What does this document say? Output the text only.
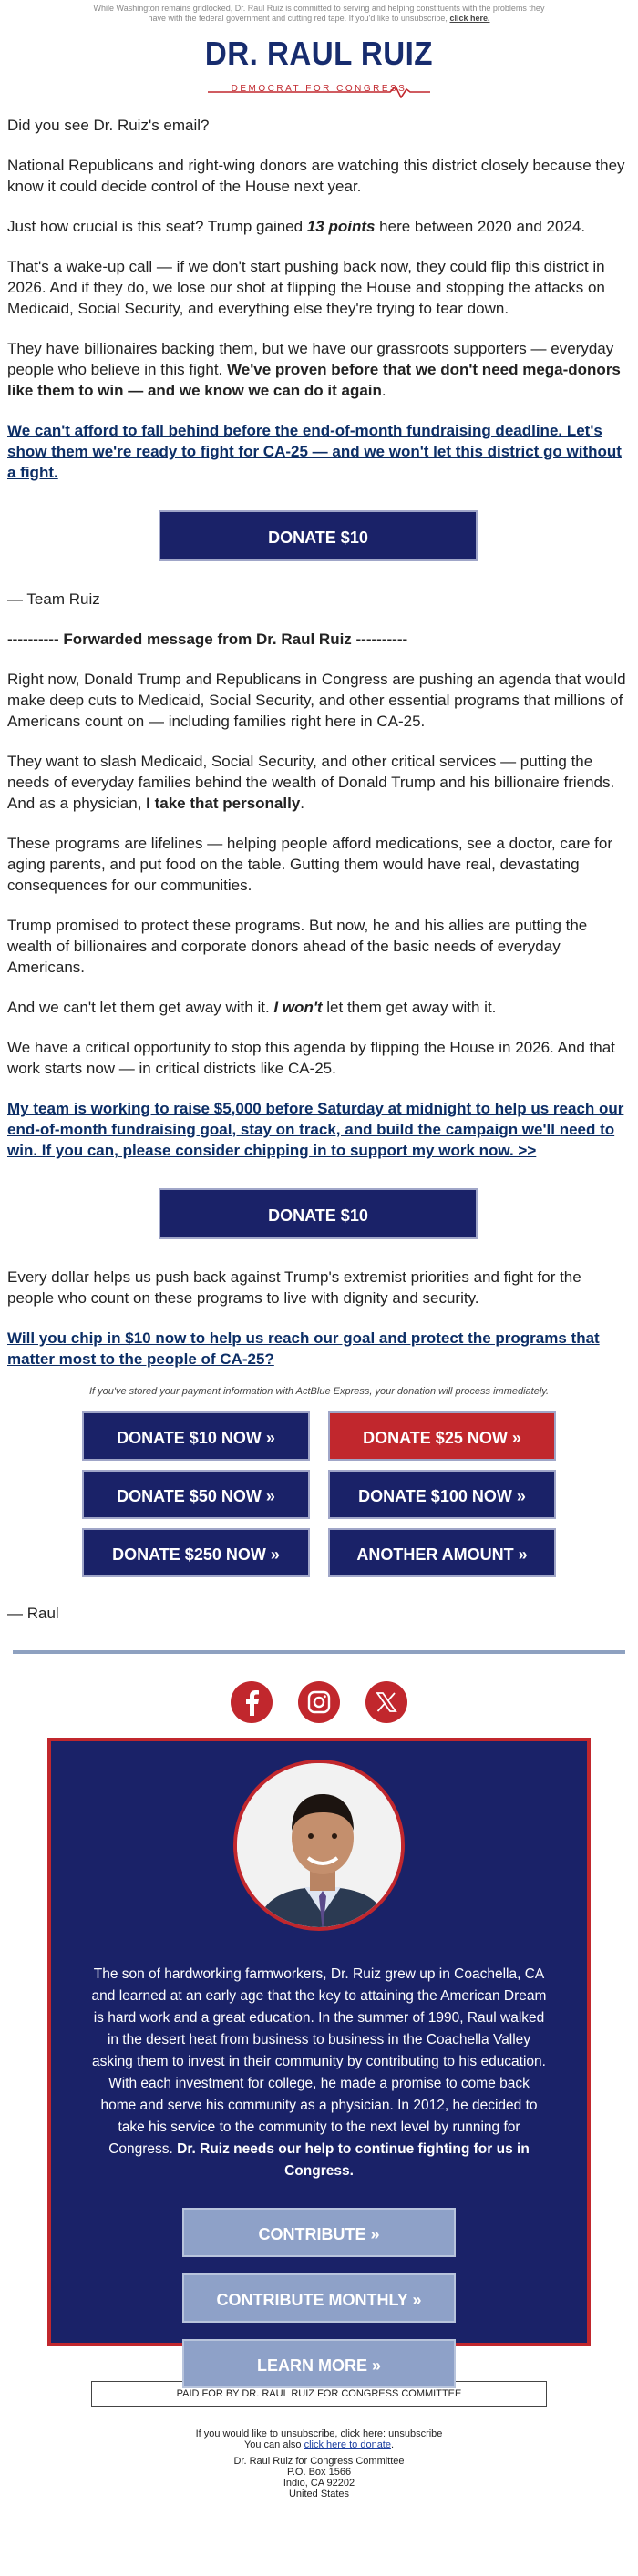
While Washington remains gridlocked, Dr. Raul Ruiz is committed to serving and helping constituents with the problems they have with the federal government and cutting red tape. If you'd like to unsubscribe, click here.
DR. RAUL RUIZ
DEMOCRAT FOR CONGRESS

Did you see Dr. Ruiz's email?

National Republicans and right-wing donors are watching this district closely because they know it could decide control of the House next year.

Just how crucial is this seat? Trump gained 13 points here between 2020 and 2024.

That's a wake-up call — if we don't start pushing back now, they could flip this district in 2026. And if they do, we lose our shot at flipping the House and stopping the attacks on Medicaid, Social Security, and everything else they're trying to tear down.

They have billionaires backing them, but we have our grassroots supporters — everyday people who believe in this fight. We've proven before that we don't need mega-donors like them to win — and we know we can do it again.

We can't afford to fall behind before the end-of-month fundraising deadline. Let's show them we're ready to fight for CA-25 — and we won't let this district go without a fight.

DONATE $10

— Team Ruiz

---------- Forwarded message from Dr. Raul Ruiz ----------

Right now, Donald Trump and Republicans in Congress are pushing an agenda that would make deep cuts to Medicaid, Social Security, and other essential programs that millions of Americans count on — including families right here in CA-25.

They want to slash Medicaid, Social Security, and other critical services — putting the needs of everyday families behind the wealth of Donald Trump and his billionaire friends. And as a physician, I take that personally.

These programs are lifelines — helping people afford medications, see a doctor, care for aging parents, and put food on the table. Gutting them would have real, devastating consequences for our communities.

Trump promised to protect these programs. But now, he and his allies are putting the wealth of billionaires and corporate donors ahead of the basic needs of everyday Americans.

And we can't let them get away with it. I won't let them get away with it.

We have a critical opportunity to stop this agenda by flipping the House in 2026. And that work starts now — in critical districts like CA-25.

My team is working to raise $5,000 before Saturday at midnight to help us reach our end-of-month fundraising goal, stay on track, and build the campaign we'll need to win. If you can, please consider chipping in to support my work now. >>

DONATE $10

Every dollar helps us push back against Trump's extremist priorities and fight for the people who count on these programs to live with dignity and security.

Will you chip in $10 now to help us reach our goal and protect the programs that matter most to the people of CA-25?

If you've stored your payment information with ActBlue Express, your donation will process immediately.
DONATE $10 NOW »	DONATE $25 NOW »
DONATE $50 NOW »	DONATE $100 NOW »
DONATE $250 NOW »	ANOTHER AMOUNT »
— Raul

The son of hardworking farmworkers, Dr. Ruiz grew up in Coachella, CA and learned at an early age that the key to attaining the American Dream is hard work and a great education. In the summer of 1990, Raul walked in the desert heat from business to business in the Coachella Valley asking them to invest in their community by contributing to his education. With each investment for college, he made a promise to come back home and serve his community as a physician. In 2012, he decided to take his service to the community to the next level by running for Congress. Dr. Ruiz needs our help to continue fighting for us in Congress.
CONTRIBUTE »
CONTRIBUTE MONTHLY »
LEARN MORE »
PAID FOR BY DR. RAUL RUIZ FOR CONGRESS COMMITTEE
If you would like to unsubscribe, click here: unsubscribe
You can also click here to donate.
Dr. Raul Ruiz for Congress Committee
P.O. Box 1566
Indio, CA 92202
United States
